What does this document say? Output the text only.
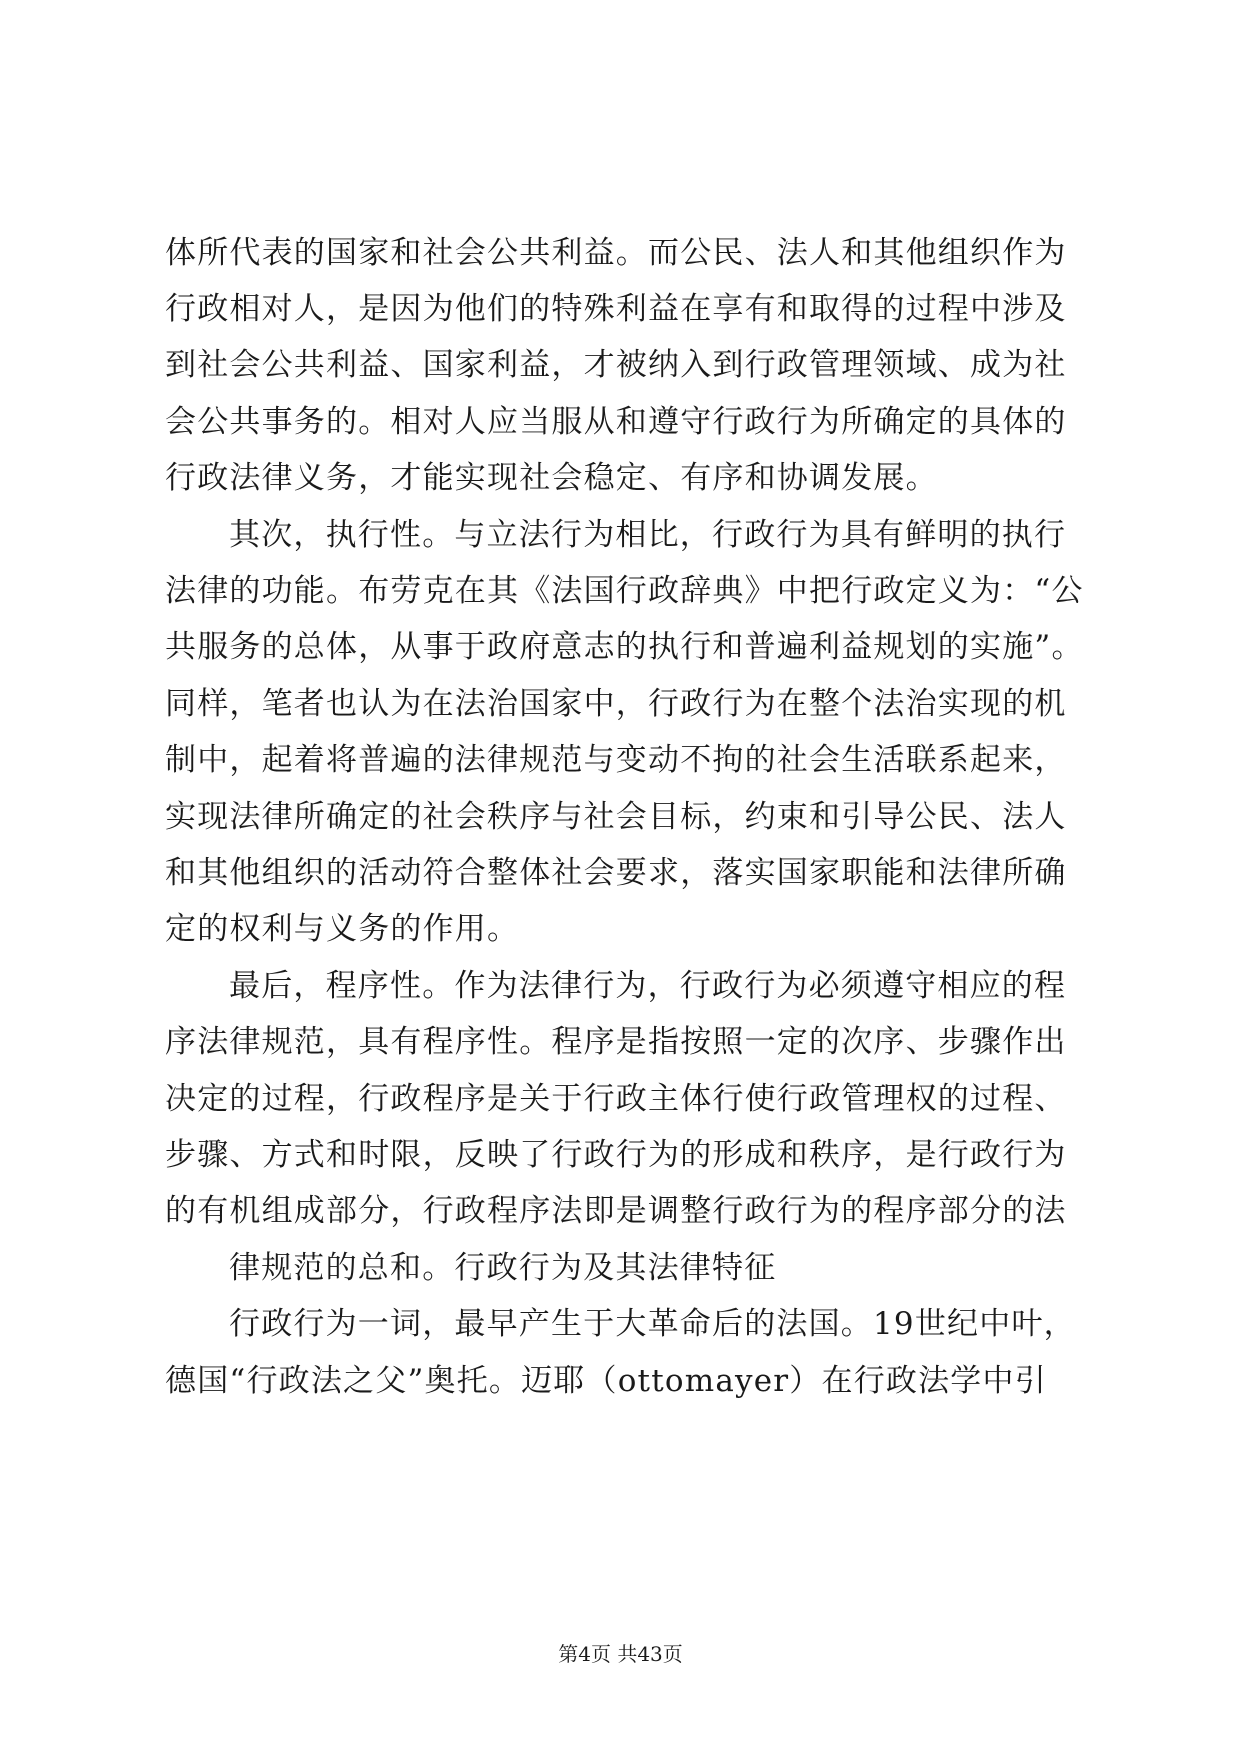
体所代表的国家和社会公共利益。而公民、法人和其他组织作为
行政相对人，是因为他们的特殊利益在享有和取得的过程中涉及
到社会公共利益、国家利益，才被纳入到行政管理领域、成为社
会公共事务的。相对人应当服从和遵守行政行为所确定的具体的
行政法律义务，才能实现社会稳定、有序和协调发展。
其次，执行性。与立法行为相比，行政行为具有鲜明的执行
法律的功能。布劳克在其《法国行政辞典》中把行政定义为：“公
共服务的总体，从事于政府意志的执行和普遍利益规划的实施”。
同样，笔者也认为在法治国家中，行政行为在整个法治实现的机
制中，起着将普遍的法律规范与变动不拘的社会生活联系起来，
实现法律所确定的社会秩序与社会目标，约束和引导公民、法人
和其他组织的活动符合整体社会要求，落实国家职能和法律所确
定的权利与义务的作用。
最后，程序性。作为法律行为，行政行为必须遵守相应的程
序法律规范，具有程序性。程序是指按照一定的次序、步骤作出
决定的过程，行政程序是关于行政主体行使行政管理权的过程、
步骤、方式和时限，反映了行政行为的形成和秩序，是行政行为
的有机组成部分，行政程序法即是调整行政行为的程序部分的法
律规范的总和。行政行为及其法律特征
行政行为一词，最早产生于大革命后的法国。19世纪中叶，
德国“行政法之父”奥托。迈耶（ottomayer）在行政法学中引
第4页 共43页
